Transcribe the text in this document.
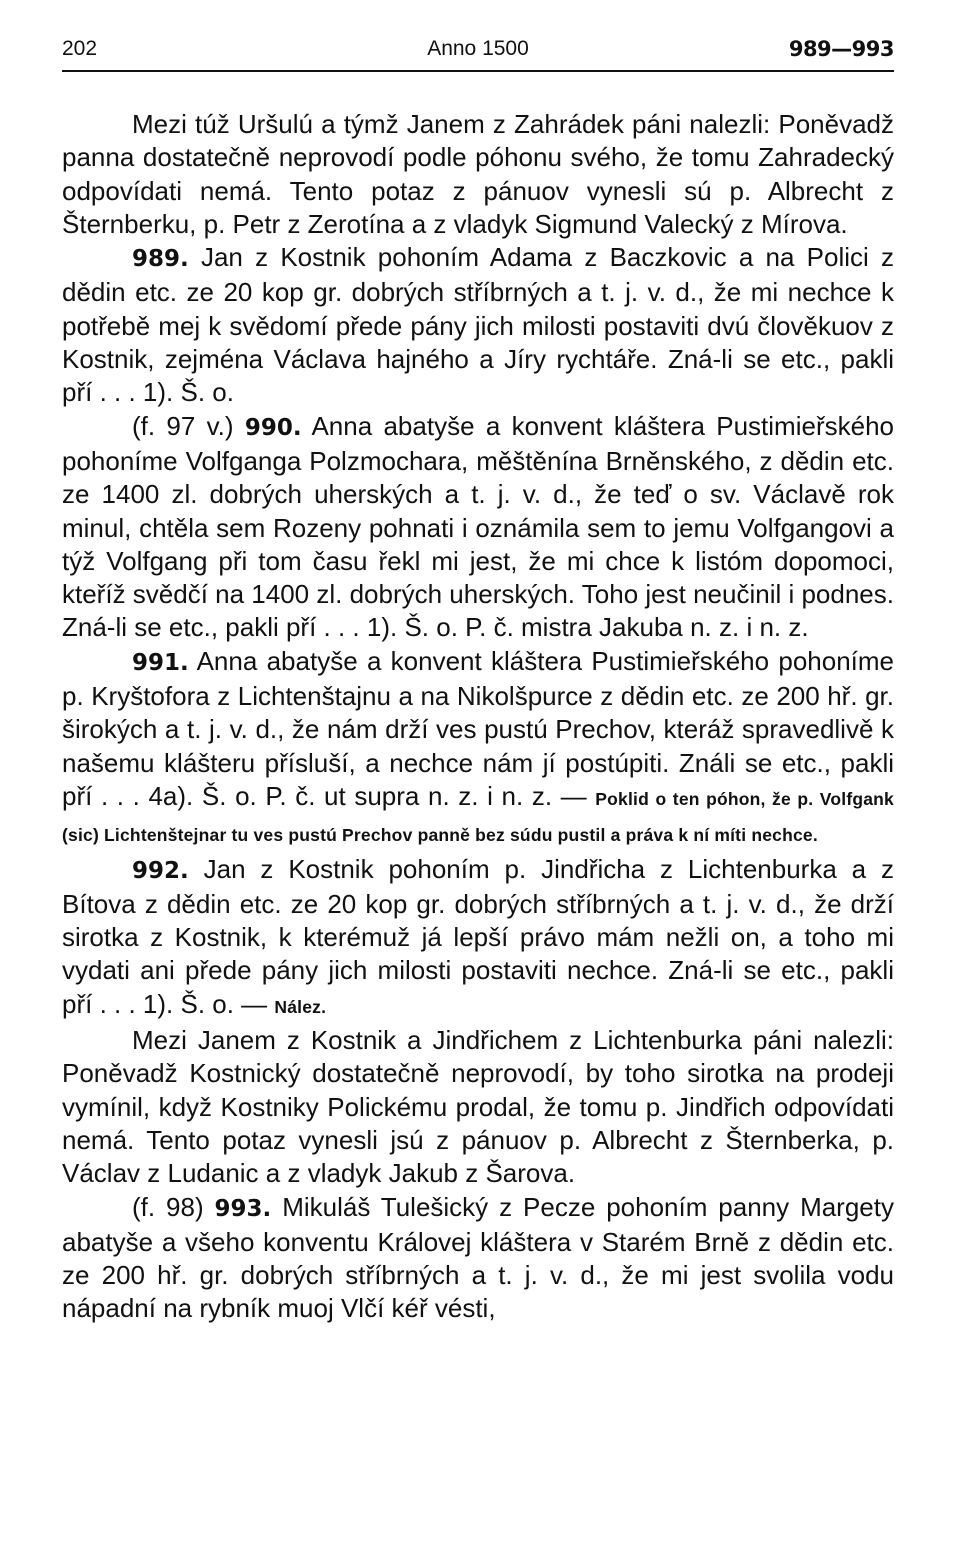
202	Anno 1500	989—993

Mezi túž Uršulú a týmž Janem z Zahrádek páni nalezli: Poněvadž panna dostatečně neprovodí podle póhonu svého, že tomu Zahradecký odpovídati nemá. Tento potaz z pánuov vynesli sú p. Albrecht z Šternberku, p. Petr z Zerotína a z vladyk Sigmund Valecký z Mírova.

989. Jan z Kostnik pohoním Adama z Baczkovic a na Polici z dědin etc. ze 20 kop gr. dobrých stříbrných a t. j. v. d., že mi nechce k potřebě mej k svědomí přede pány jich milosti postaviti dvú člověkuov z Kostnik, zejména Václava hajného a Jíry rychtáře. Zná-li se etc., pakli pří . . . 1). Š. o.

(f. 97 v.) 990. Anna abatyše a konvent kláštera Pustimieřského pohoníme Volfganga Polzmochara, měštěnína Brněnského, z dědin etc. ze 1400 zl. dobrých uherských a t. j. v. d., že teď o sv. Václavě rok minul, chtěla sem Rozeny pohnati i oznámila sem to jemu Volfgangovi a týž Volfgang při tom času řekl mi jest, že mi chce k listóm dopomoci, kteříž svědčí na 1400 zl. dobrých uherských. Toho jest neučinil i podnes. Zná-li se etc., pakli pří . . . 1). Š. o. P. č. mistra Jakuba n. z. i n. z.

991. Anna abatyše a konvent kláštera Pustimieřského pohoníme p. Kryštofora z Lichtenštajnu a na Nikolšpurce z dědin etc. ze 200 hř. gr. širokých a t. j. v. d., že nám drží ves pustú Prechov, kteráž spravedlivě k našemu klášteru přísluší, a nechce nám jí postúpiti. Ználi se etc., pakli pří . . . 4a). Š. o. P. č. ut supra n. z. i n. z. — Poklid o ten póhon, že p. Volfgank (sic) Lichtenštejnar tu ves pustú Prechov panně bez súdu pustil a práva k ní míti nechce.

992. Jan z Kostnik pohoním p. Jindřicha z Lichtenburka a z Bítova z dědin etc. ze 20 kop gr. dobrých stříbrných a t. j. v. d., že drží sirotka z Kostnik, k kterémuž já lepší právo mám nežli on, a toho mi vydati ani přede pány jich milosti postaviti nechce. Zná-li se etc., pakli pří . . . 1). Š. o. — Nález.

Mezi Janem z Kostnik a Jindřichem z Lichtenburka páni nalezli: Poněvadž Kostnický dostatečně neprovodí, by toho sirotka na prodeji vymínil, když Kostniky Polickému prodal, že tomu p. Jindřich odpovídati nemá. Tento potaz vynesli jsú z pánuov p. Albrecht z Šternberka, p. Václav z Ludanic a z vladyk Jakub z Šarova.

(f. 98) 993. Mikuláš Tulešický z Pecze pohoním panny Margety abatyše a všeho konventu Královej kláštera v Starém Brně z dědin etc. ze 200 hř. gr. dobrých stříbrných a t. j. v. d., že mi jest svolila vodu nápadní na rybník muoj Vlčí kéř vésti,
